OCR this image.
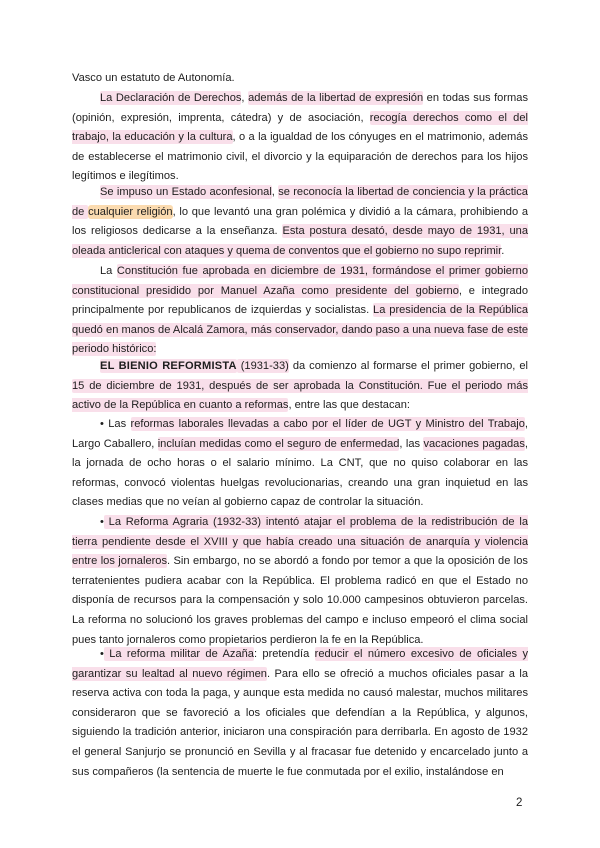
Vasco un estatuto de Autonomía.

La Declaración de Derechos, además de la libertad de expresión en todas sus formas (opinión, expresión, imprenta, cátedra) y de asociación, recogía derechos como el del trabajo, la educación y la cultura, o a la igualdad de los cónyuges en el matrimonio, además de establecerse el matrimonio civil, el divorcio y la equiparación de derechos para los hijos legítimos e ilegítimos.

Se impuso un Estado aconfesional, se reconocía la libertad de conciencia y la práctica de cualquier religión, lo que levantó una gran polémica y dividió a la cámara, prohibiendo a los religiosos dedicarse a la enseñanza. Esta postura desató, desde mayo de 1931, una oleada anticlerical con ataques y quema de conventos que el gobierno no supo reprimir.

La Constitución fue aprobada en diciembre de 1931, formándose el primer gobierno constitucional presidido por Manuel Azaña como presidente del gobierno, e integrado principalmente por republicanos de izquierdas y socialistas. La presidencia de la República quedó en manos de Alcalá Zamora, más conservador, dando paso a una nueva fase de este periodo histórico:

EL BIENIO REFORMISTA (1931-33) da comienzo al formarse el primer gobierno, el 15 de diciembre de 1931, después de ser aprobada la Constitución. Fue el periodo más activo de la República en cuanto a reformas, entre las que destacan:

• Las reformas laborales llevadas a cabo por el líder de UGT y Ministro del Trabajo, Largo Caballero, incluían medidas como el seguro de enfermedad, las vacaciones pagadas, la jornada de ocho horas o el salario mínimo. La CNT, que no quiso colaborar en las reformas, convocó violentas huelgas revolucionarias, creando una gran inquietud en las clases medias que no veían al gobierno capaz de controlar la situación.

• La Reforma Agraria (1932-33) intentó atajar el problema de la redistribución de la tierra pendiente desde el XVIII y que había creado una situación de anarquía y violencia entre los jornaleros. Sin embargo, no se abordó a fondo por temor a que la oposición de los terratenientes pudiera acabar con la República. El problema radicó en que el Estado no disponía de recursos para la compensación y solo 10.000 campesinos obtuvieron parcelas. La reforma no solucionó los graves problemas del campo e incluso empeoró el clima social pues tanto jornaleros como propietarios perdieron la fe en la República.

• La reforma militar de Azaña: pretendía reducir el número excesivo de oficiales y garantizar su lealtad al nuevo régimen. Para ello se ofreció a muchos oficiales pasar a la reserva activa con toda la paga, y aunque esta medida no causó malestar, muchos militares consideraron que se favoreció a los oficiales que defendían a la República, y algunos, siguiendo la tradición anterior, iniciaron una conspiración para derribarla. En agosto de 1932 el general Sanjurjo se pronunció en Sevilla y al fracasar fue detenido y encarcelado junto a sus compañeros (la sentencia de muerte le fue conmutada por el exilio, instalándose en

2
